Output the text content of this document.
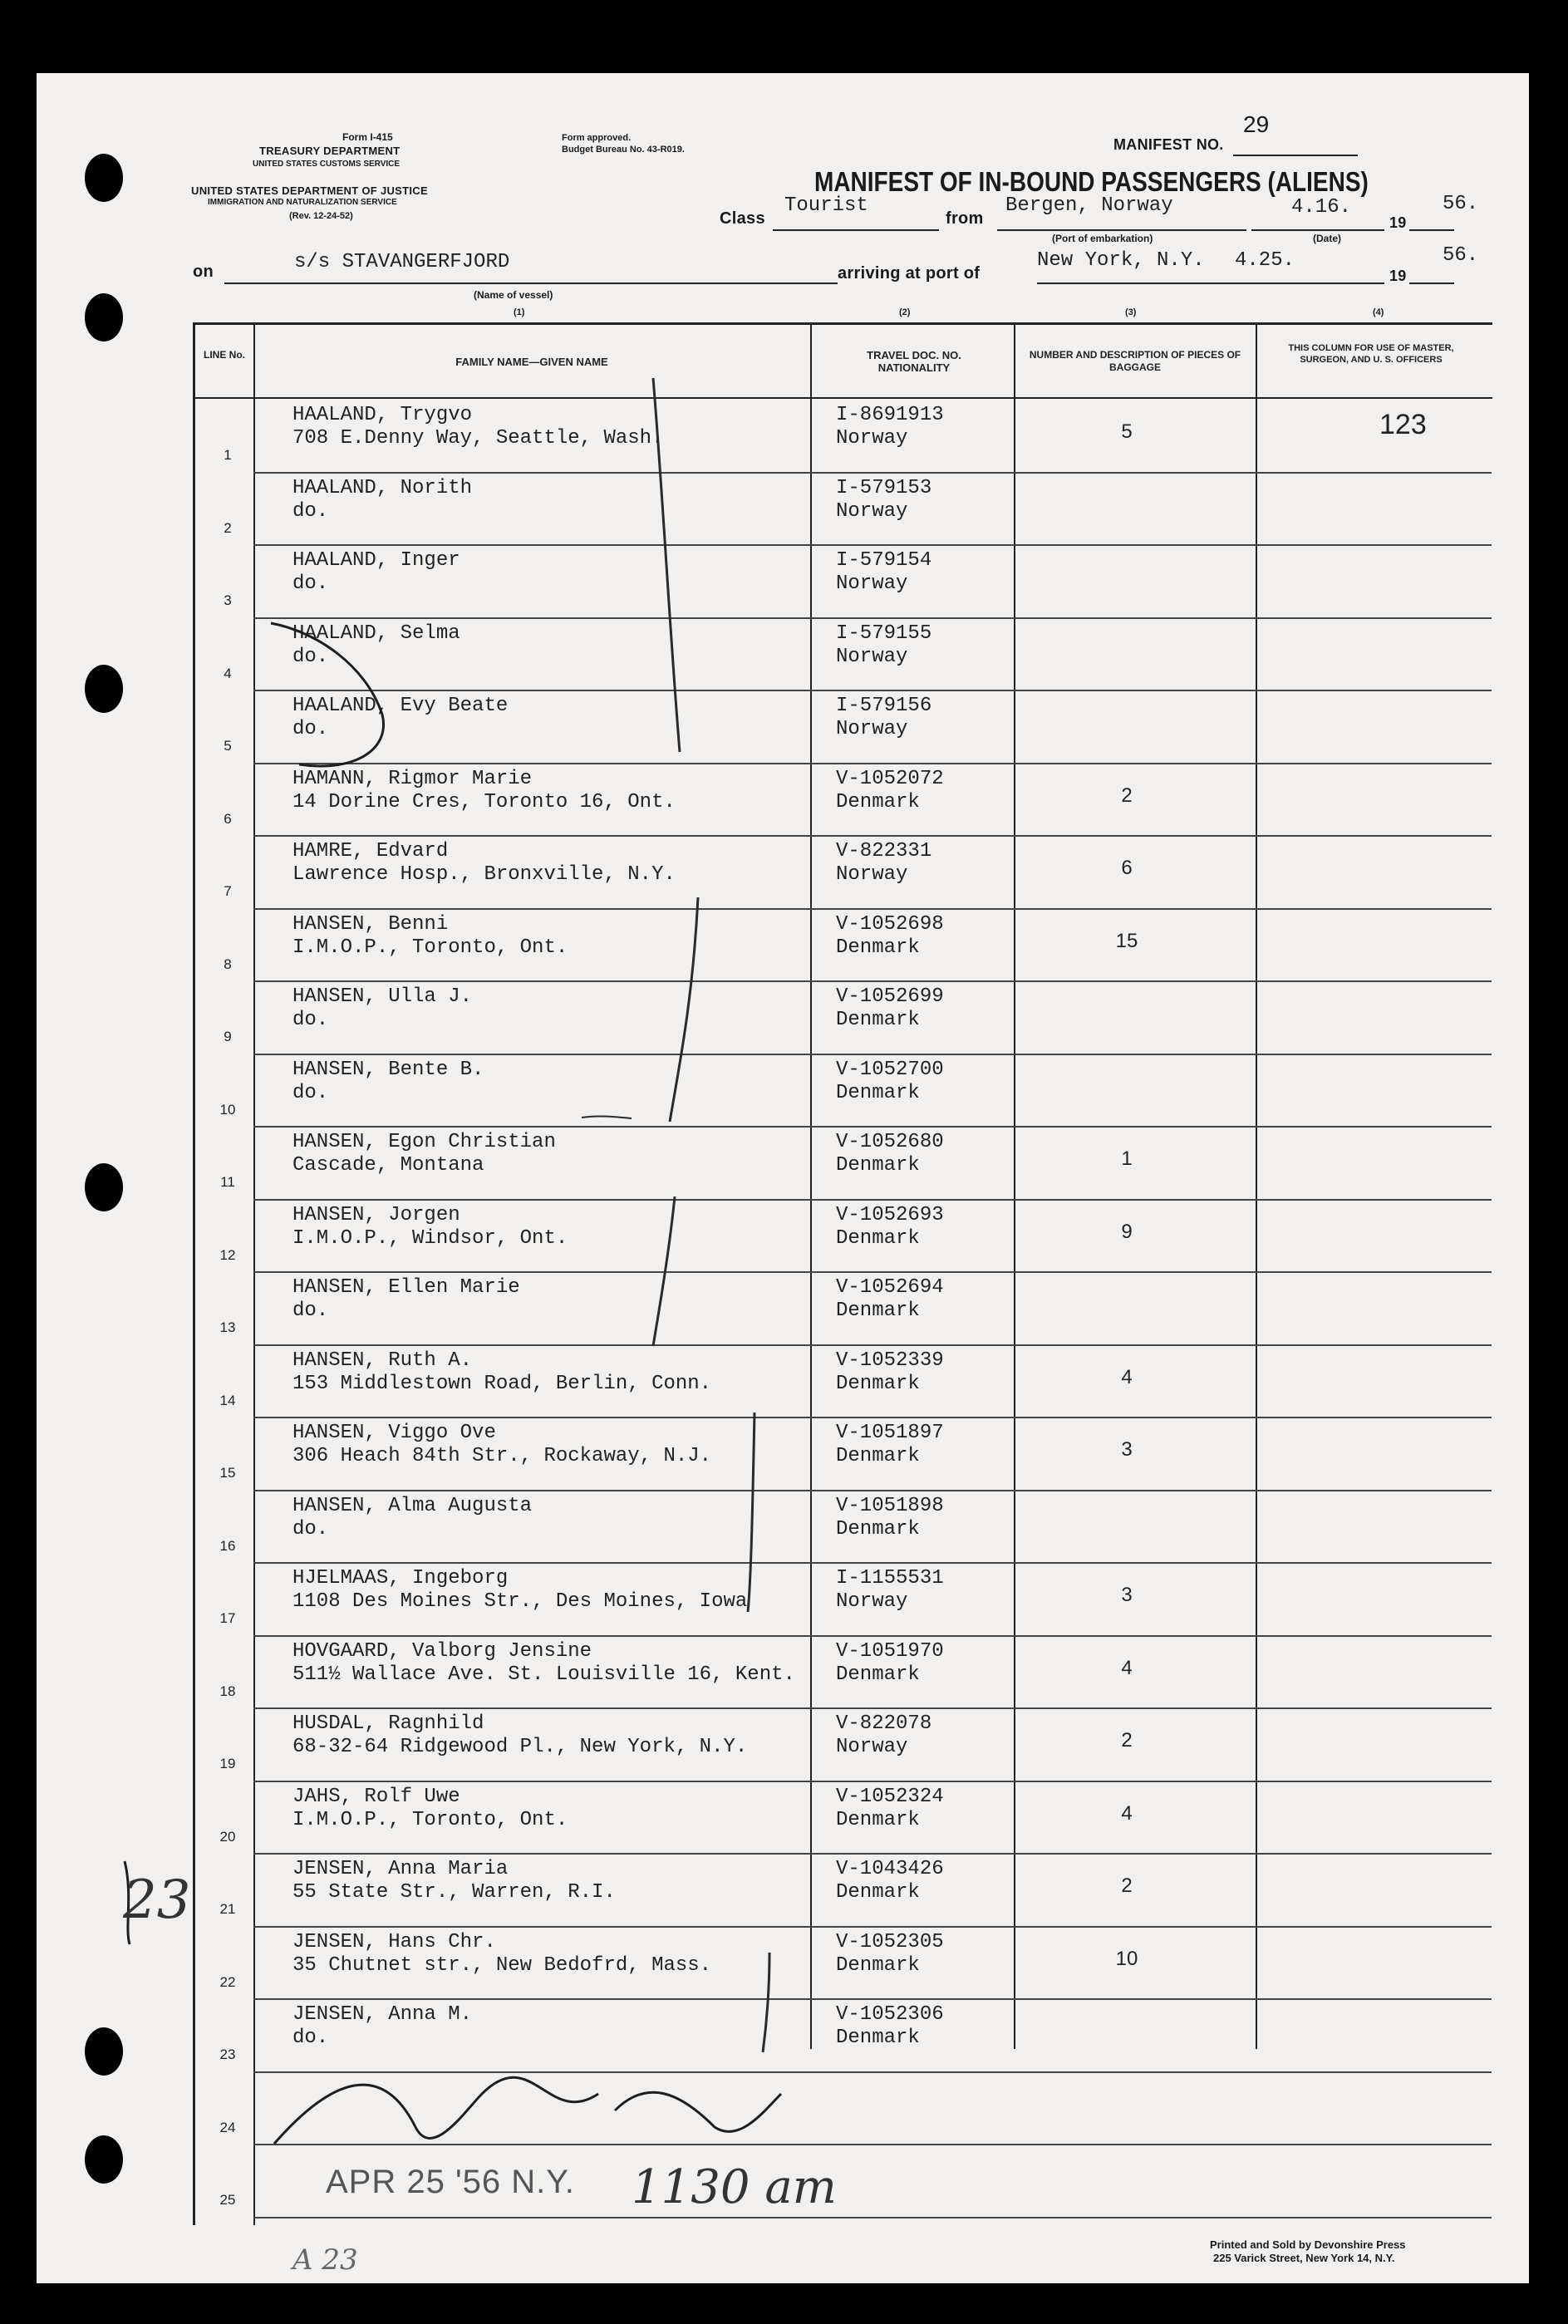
Form I-415
TREASURY DEPARTMENT
UNITED STATES CUSTOMS SERVICE
UNITED STATES DEPARTMENT OF JUSTICE
IMMIGRATION AND NATURALIZATION SERVICE
(Rev. 12-24-52)
Form approved.
Budget Bureau No. 43-R019.	MANIFEST NO.
29
MANIFEST OF IN-BOUND PASSENGERS (ALIENS)
Class
Tourist
from
Bergen, Norway	4.16.
19
56.
(Port of embarkation)	(Date)
on	s/s STAVANGERFJORD
(Name of vessel)
arriving at port of
New York, N.Y. 4.25.
19
56.
(1)	(2)	(3)	(4)
LINE No.
FAMILY NAME—GIVEN NAME
TRAVEL DOC. NO. NATIONALITY
NUMBER AND DESCRIPTION OF PIECES OF BAGGAGE
THIS COLUMN FOR USE OF MASTER, SURGEON, AND U. S. OFFICERS
1
HAALAND, Trygvo
708 E.Denny Way, Seattle, Wash.
I-8691913
Norway	5	123
2
HAALAND, Norith
do.
I-579153
Norway
3
HAALAND, Inger
do.
I-579154
Norway
4
HAALAND, Selma
do.
I-579155
Norway
5
HAALAND, Evy Beate
do.
I-579156
Norway
6
HAMANN, Rigmor Marie
14 Dorine Cres, Toronto 16, Ont.
V-1052072
Denmark	2
7
HAMRE, Edvard
Lawrence Hosp., Bronxville, N.Y.
V-822331
Norway	6
8
HANSEN, Benni
I.M.O.P., Toronto, Ont.
V-1052698
Denmark	15
9
HANSEN, Ulla J.
do.
V-1052699
Denmark
10
HANSEN, Bente B.
do.
V-1052700
Denmark
11
HANSEN, Egon Christian
Cascade, Montana
V-1052680
Denmark	1
12
HANSEN, Jorgen
I.M.O.P., Windsor, Ont.
V-1052693
Denmark	9
13
HANSEN, Ellen Marie
do.
V-1052694
Denmark
14
HANSEN, Ruth A.
153 Middlestown Road, Berlin, Conn.
V-1052339
Denmark	4
15
HANSEN, Viggo Ove
306 Heach 84th Str., Rockaway, N.J.
V-1051897
Denmark	3
16
HANSEN, Alma Augusta
do.
V-1051898
Denmark
17
HJELMAAS, Ingeborg
1108 Des Moines Str., Des Moines, Iowa
I-1155531
Norway	3
18
HOVGAARD, Valborg Jensine
511½ Wallace Ave. St. Louisville 16, Kent.
V-1051970
Denmark	4
19
HUSDAL, Ragnhild
68-32-64 Ridgewood Pl., New York, N.Y.
V-822078
Norway	2
20
JAHS, Rolf Uwe
I.M.O.P., Toronto, Ont.
V-1052324
Denmark	4
21
JENSEN, Anna Maria
55 State Str., Warren, R.I.
V-1043426
Denmark	2
22
JENSEN, Hans Chr.
35 Chutnet str., New Bedofrd, Mass.
V-1052305
Denmark	10
23
JENSEN, Anna M.
do.
V-1052306
Denmark
24
25	APR 25 '56 N.Y. 1130 am
23
A 23	Printed and Sold by Devonshire Press
225 Varick Street, New York 14, N.Y.
